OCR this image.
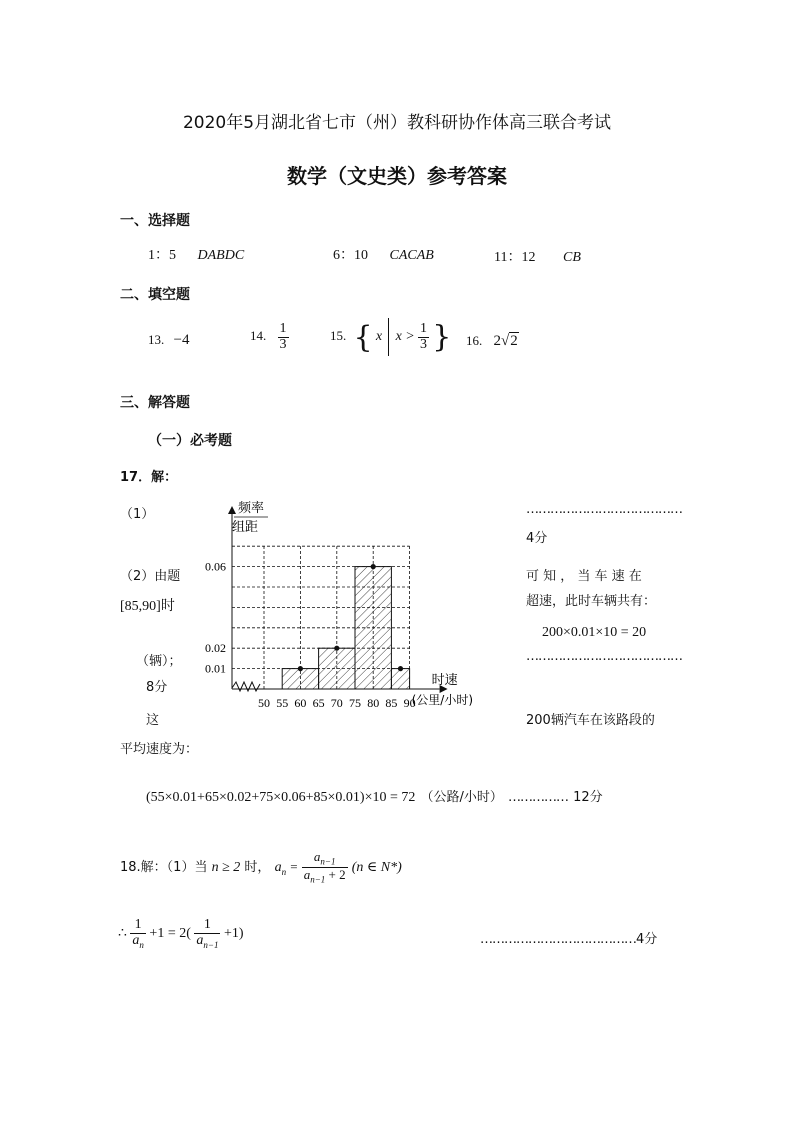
2020年5月湖北省七市（州）教科研协作体高三联合考试
数学（文史类）参考答案
一、选择题
1：5 DABDC	6：10 CACAB	11：12 CB
二、填空题
13. −4	14. $\frac{1}{3}$	15. { x $x > \frac{1}{3}$ } 16. 2√2
三、解答题
（一）必考题
17．解：
（1）	…………………………………
4分
（2）由题
[85,90]时
（辆）；
8分
这
可 知 ， 当 车 速 在
超速，此时车辆共有：
200×0.01×10 = 20
…………………………………
200辆汽车在该路段的
平均速度为：
(55×0.01+65×0.02+75×0.06+85×0.01)×10 = 72 （公路/小时） …………… 12分
0.01
0.02
0.06
50 55 60 65 70 75 80 85 90
频率
组距
时速
(公里/小时)
18.解：（1）当 n ≥ 2 时， $a_n = \frac{a_{n-1}}{a_{n-1} + 2} (n$ ∈ N*)
∴ $\frac{1}{a_n} +1 = 2( \frac{1}{a_{n-1}} +1)$	…………………………………4分
